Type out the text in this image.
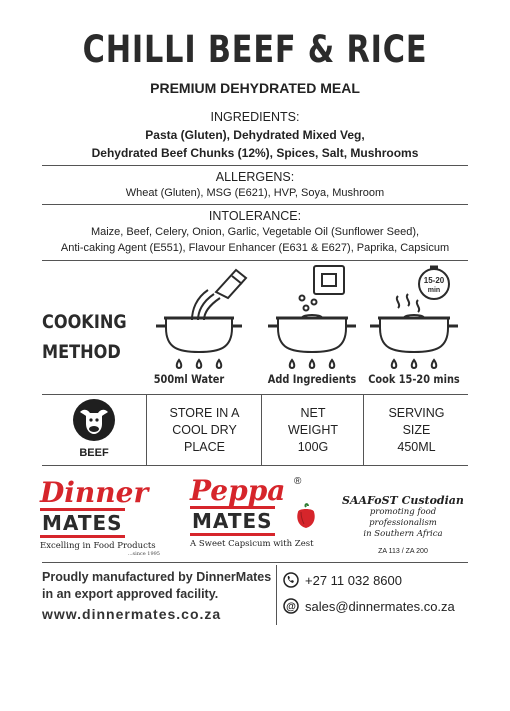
CHILLI BEEF & RICE
PREMIUM DEHYDRATED MEAL
INGREDIENTS:
Pasta (Gluten), Dehydrated Mixed Veg,
Dehydrated Beef Chunks (12%), Spices, Salt, Mushrooms
ALLERGENS:
Wheat (Gluten), MSG (E621), HVP, Soya, Mushroom
INTOLERANCE:
Maize, Beef, Celery, Onion, Garlic, Vegetable Oil (Sunflower Seed),
Anti-caking Agent (E551), Flavour Enhancer (E631 & E627), Paprika, Capsicum
COOKING
METHOD
500ml Water	Add Ingredients
15-20
min
Cook 15-20 mins
BEEF
STORE IN A
COOL DRY
PLACE
NET
WEIGHT
100G
SERVING
SIZE
450ML
Dinner
MATES
Excelling in Food Products
...since 1995
Peppa ®
MATES
A Sweet Capsicum with Zest
SAAFoST Custodian
promoting food professionalism
in Southern Africa
ZA 113 / ZA 200
Proudly manufactured by DinnerMates
in an export approved facility.
www.dinnermates.co.za
+27 11 032 8600
@ sales@dinnermates.co.za
